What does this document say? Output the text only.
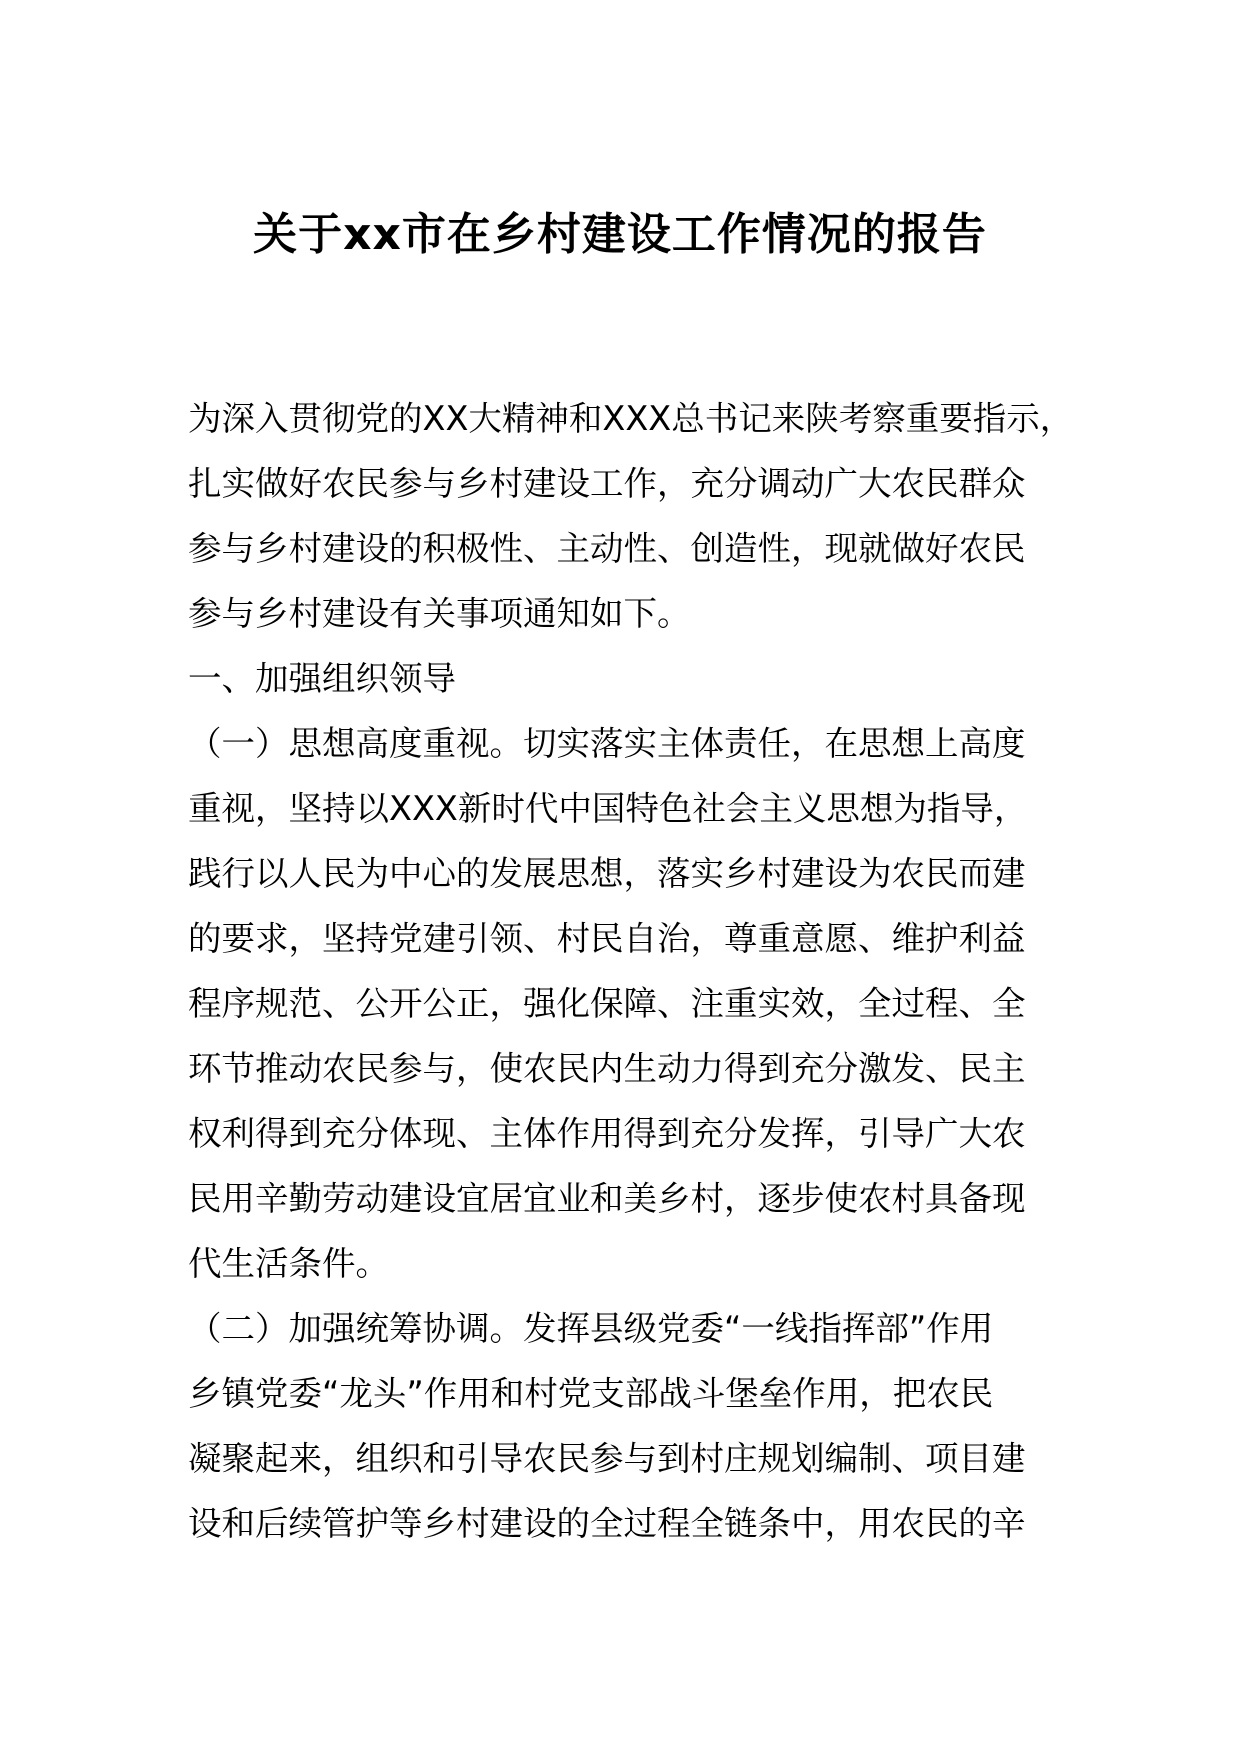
关于xx市在乡村建设工作情况的报告
为深入贯彻党的XX大精神和XXX总书记来陕考察重要指示，
扎实做好农民参与乡村建设工作，充分调动广大农民群众
参与乡村建设的积极性、主动性、创造性，现就做好农民
参与乡村建设有关事项通知如下。
一、加强组织领导
（一）思想高度重视。切实落实主体责任，在思想上高度
重视，坚持以XXX新时代中国特色社会主义思想为指导，
践行以人民为中心的发展思想，落实乡村建设为农民而建
的要求，坚持党建引领、村民自治，尊重意愿、维护利益
程序规范、公开公正，强化保障、注重实效，全过程、全
环节推动农民参与，使农民内生动力得到充分激发、民主
权利得到充分体现、主体作用得到充分发挥，引导广大农
民用辛勤劳动建设宜居宜业和美乡村，逐步使农村具备现
代生活条件。
（二）加强统筹协调。发挥县级党委“一线指挥部”作用
乡镇党委“龙头”作用和村党支部战斗堡垒作用，把农民
凝聚起来，组织和引导农民参与到村庄规划编制、项目建
设和后续管护等乡村建设的全过程全链条中，用农民的辛
